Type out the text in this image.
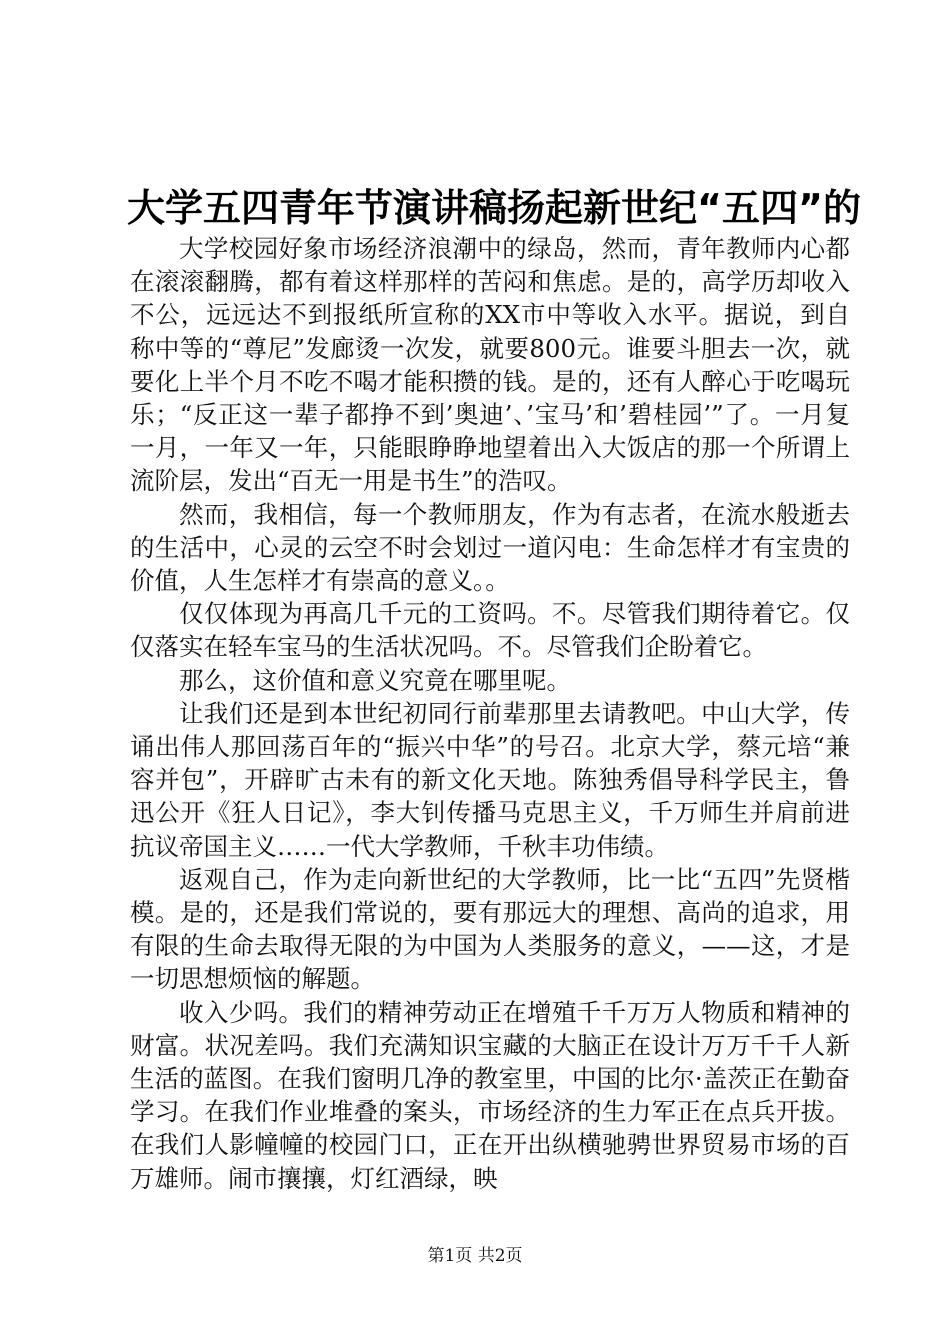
大学五四青年节演讲稿扬起新世纪“五四”的

大学校园好象市场经济浪潮中的绿岛，然而，青年教师内心都在滚滚翻腾，都有着这样那样的苦闷和焦虑。是的，高学历却收入不公，远远达不到报纸所宣称的XX市中等收入水平。据说，到自称中等的“尊尼”发廊烫一次发，就要800元。谁要斗胆去一次，就要化上半个月不吃不喝才能积攒的钱。是的，还有人醉心于吃喝玩乐；“反正这一辈子都挣不到’奥迪’、’宝马’和’碧桂园’”了。一月复一月，一年又一年，只能眼睁睁地望着出入大饭店的那一个所谓上流阶层，发出“百无一用是书生”的浩叹。

然而，我相信，每一个教师朋友，作为有志者，在流水般逝去的生活中，心灵的云空不时会划过一道闪电：生命怎样才有宝贵的价值，人生怎样才有崇高的意义。。

仅仅体现为再高几千元的工资吗。不。尽管我们期待着它。仅仅落实在轻车宝马的生活状况吗。不。尽管我们企盼着它。

那么，这价值和意义究竟在哪里呢。

让我们还是到本世纪初同行前辈那里去请教吧。中山大学，传诵出伟人那回荡百年的“振兴中华”的号召。北京大学，蔡元培“兼容并包”，开辟旷古未有的新文化天地。陈独秀倡导科学民主，鲁迅公开《狂人日记》，李大钊传播马克思主义，千万师生并肩前进抗议帝国主义……一代大学教师，千秋丰功伟绩。

返观自己，作为走向新世纪的大学教师，比一比“五四”先贤楷模。是的，还是我们常说的，要有那远大的理想、高尚的追求，用有限的生命去取得无限的为中国为人类服务的意义，——这，才是一切思想烦恼的解题。

收入少吗。我们的精神劳动正在增殖千千万万人物质和精神的财富。状况差吗。我们充满知识宝藏的大脑正在设计万万千千人新生活的蓝图。在我们窗明几净的教室里，中国的比尔·盖茨正在勤奋学习。在我们作业堆叠的案头，市场经济的生力军正在点兵开拔。在我们人影幢幢的校园门口，正在开出纵横驰骋世界贸易市场的百万雄师。闹市攘攘，灯红酒绿，映

第1页 共2页
